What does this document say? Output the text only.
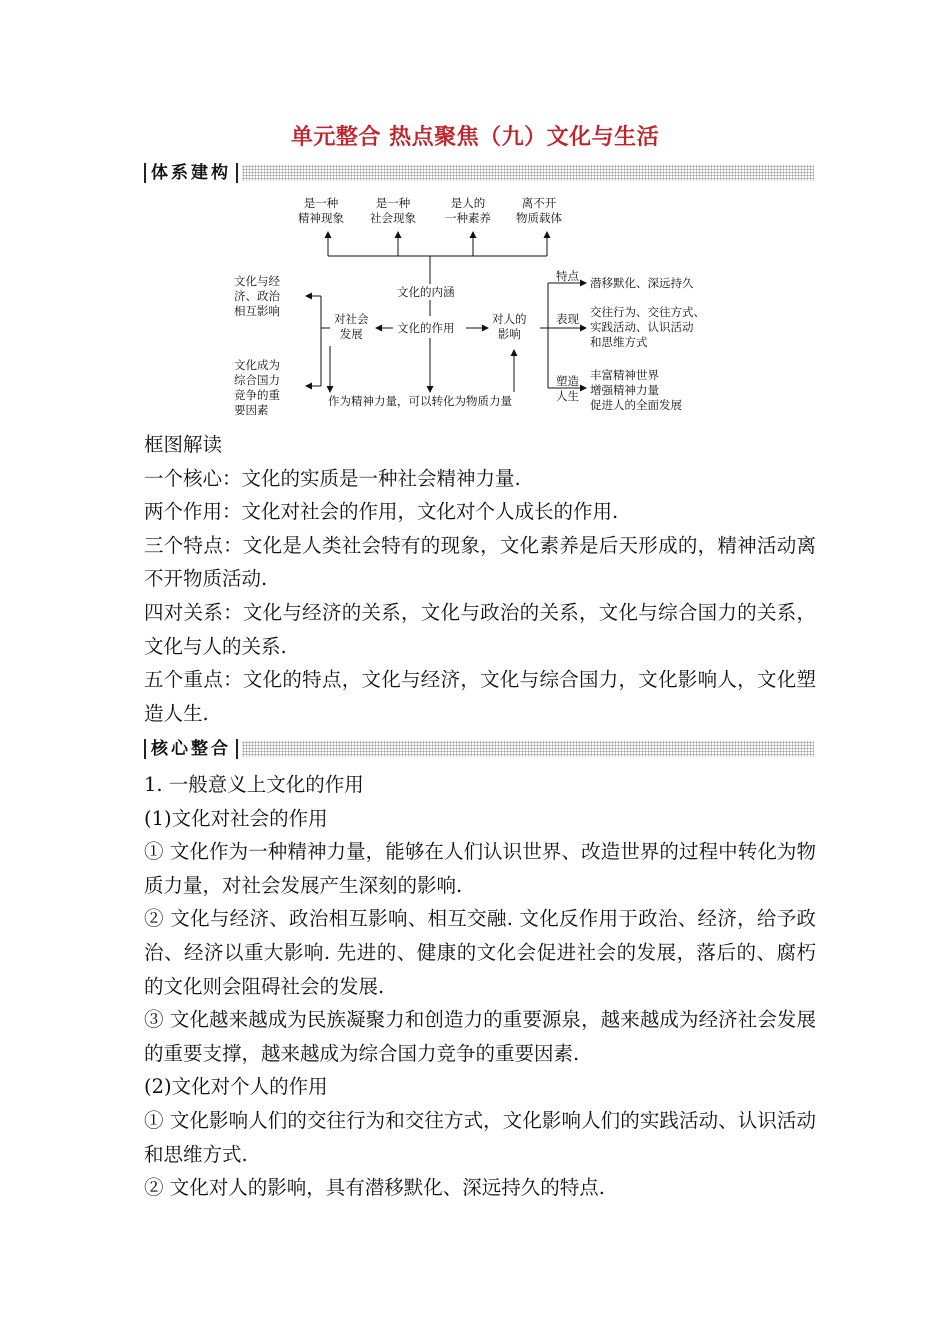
单元整合 热点聚焦（九）文化与生活
体系建构
是一种
精神现象
是一种
社会现象
是人的
一种素养
离不开
物质载体
文化与经
济、政治
相互影响
文化成为
综合国力
竞争的重
要因素
对社会
发展
文化的内涵
文化的作用
对人的
影响
作为精神力量，可以转化为物质力量
特点 潜移默化、深远持久
表现 交往行为、交往方式、
实践活动、认识活动
和思维方式
塑造
人生
丰富精神世界
增强精神力量
促进人的全面发展

框图解读

一个核心：文化的实质是一种社会精神力量.

两个作用：文化对社会的作用，文化对个人成长的作用.

三个特点：文化是人类社会特有的现象，文化素养是后天形成的，精神活动离不开物质活动.

四对关系：文化与经济的关系，文化与政治的关系，文化与综合国力的关系，文化与人的关系.

五个重点：文化的特点，文化与经济，文化与综合国力，文化影响人，文化塑造人生.

核心整合

1. 一般意义上文化的作用

(1)文化对社会的作用

① 文化作为一种精神力量，能够在人们认识世界、改造世界的过程中转化为物质力量，对社会发展产生深刻的影响.

② 文化与经济、政治相互影响、相互交融. 文化反作用于政治、经济，给予政治、经济以重大影响. 先进的、健康的文化会促进社会的发展，落后的、腐朽的文化则会阻碍社会的发展.

③ 文化越来越成为民族凝聚力和创造力的重要源泉，越来越成为经济社会发展的重要支撑，越来越成为综合国力竞争的重要因素.

(2)文化对个人的作用

① 文化影响人们的交往行为和交往方式，文化影响人们的实践活动、认识活动和思维方式.

② 文化对人的影响，具有潜移默化、深远持久的特点.
